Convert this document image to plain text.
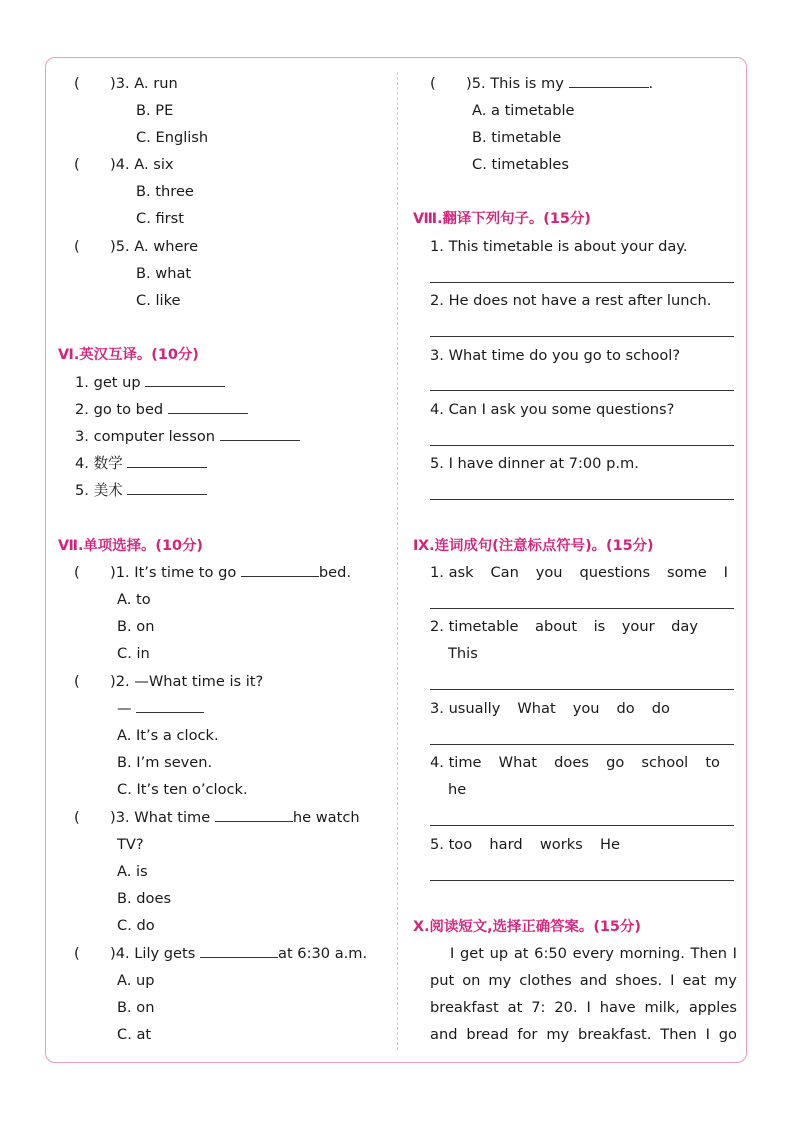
( )3. A. run
B. PE
C. English
( )4. A. six
B. three
C. first
( )5. A. where
B. what
C. like
Ⅵ.英汉互译。(10分)
1. get up
2. go to bed
3. computer lesson
4. 数学
5. 美术
Ⅶ.单项选择。(10分)
( )1. It’s time to go	bed.
A. to
B. on
C. in
( )2. —What time is it?
—
A. It’s a clock.
B. I’m seven.
C. It’s ten o’clock.
( )3. What time	he watch
TV?
A. is
B. does
C. do
( )4. Lily gets	at 6:30 a.m.
A. up
B. on
C. at
( )5. This is my	.
A. a timetable
B. timetable
C. timetables
Ⅷ.翻译下列句子。(15分)
1. This timetable is about your day.
2. He does not have a rest after lunch.
3. What time do you go to school?
4. Can I ask you some questions?
5. I have dinner at 7:00 p.m.
Ⅸ.连词成句(注意标点符号)。(15分)
1. ask Can you questions some I
2. timetable about is your day
This
3. usually What you do do
4. time What does go school to
he
5. too hard works He
Ⅹ.阅读短文,选择正确答案。(15分)
I get up at 6:50 every morning. Then I
put on my clothes and shoes. I eat my
breakfast at 7: 20. I have milk, apples
and bread for my breakfast. Then I go
